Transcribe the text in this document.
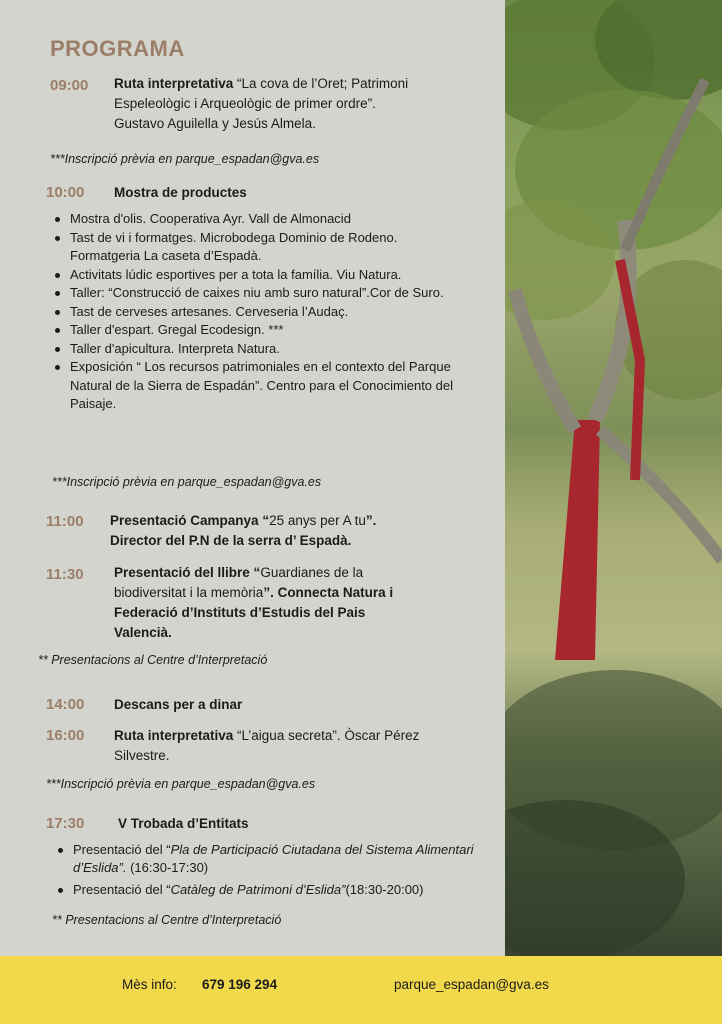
PROGRAMA
09:00 Ruta interpretativa “La cova de l’Oret; Patrimoni
Espeleològic i Arqueològic de primer ordre”.
Gustavo Aguilella y Jesús Almela.
***Inscripció prèvia en parque_espadan@gva.es
10:00 Mostra de productes
Mostra d'olis. Cooperativa Ayr. Vall de Almonacid
Tast de vi i formatges. Microbodega Dominio de Rodeno. Formatgeria La caseta d’Espadà.
Activitats lúdic esportives per a tota la família. Viu Natura.
Taller: “Construcció de caixes niu amb suro natural”.Cor de Suro.
Tast de cerveses artesanes. Cerveseria l’Audaç.
Taller d'espart. Gregal Ecodesign. ***
Taller d'apicultura. Interpreta Natura.
Exposición “ Los recursos patrimoniales en el contexto del Parque Natural de la Sierra de Espadán”. Centro para el Conocimiento del Paisaje.
***Inscripció prèvia en parque_espadan@gva.es
11:00 Presentació Campanya “25 anys per A tu”.
Director del P.N de la serra d’ Espadà.
11:30 Presentació del llibre “Guardianes de la
biodiversitat i la memòria”. Connecta Natura i
Federació d’Instituts d’Estudis del Pais
Valencià.
** Presentacions al Centre d’Interpretació
14:00 Descans per a dinar
16:00 Ruta interpretativa “L’aigua secreta”. Òscar Pérez
Silvestre.
***Inscripció prèvia en parque_espadan@gva.es
17:30 V Trobada d’Entitats
Presentació del “Pla de Participació Ciutadana del Sistema Alimentari d’Eslida”. (16:30-17:30)
Presentació del “Catàleg de Patrimoni d’Eslida”(18:30-20:00)
** Presentacions al Centre d’Interpretació
Mès info: 679 196 294	parque_espadan@gva.es
